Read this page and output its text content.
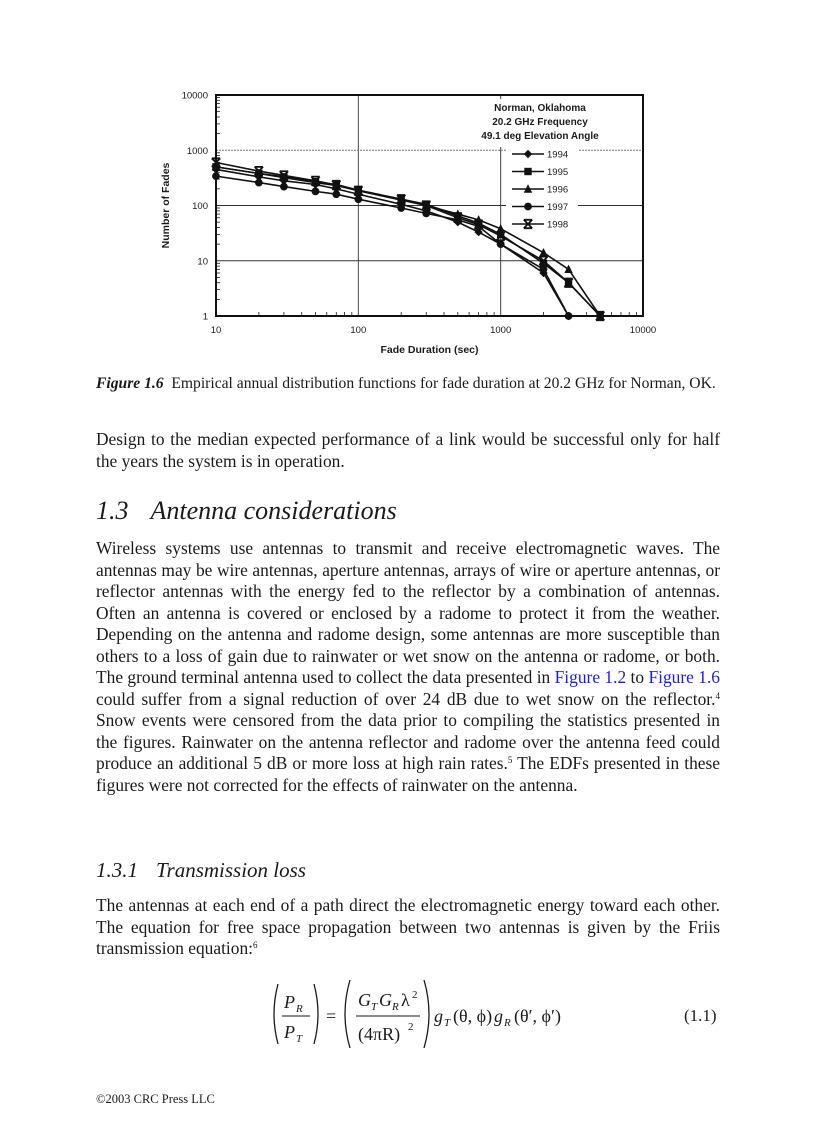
10	100	1000	10000
1
10
100
1000
10000
Fade Duration (sec)
Number of Fades
Norman, Oklahoma
20.2 GHz Frequency
49.1 deg Elevation Angle
1994
1995
1996
1997
1998
Figure 1.6 Empirical annual distribution functions for fade duration at 20.2 GHz for Norman, OK.
Design to the median expected performance of a link would be successful only for half the years the system is in operation.
1.3 Antenna considerations
Wireless systems use antennas to transmit and receive electromagnetic waves. The antennas may be wire antennas, aperture antennas, arrays of wire or aperture antennas, or reflector antennas with the energy fed to the reflector by a combination of antennas. Often an antenna is covered or enclosed by a radome to protect it from the weather. Depending on the antenna and radome design, some antennas are more susceptible than others to a loss of gain due to rainwater or wet snow on the antenna or radome, or both. The ground terminal antenna used to collect the data presented in Figure 1.2 to Figure 1.6 could suffer from a signal reduction of over 24 dB due to wet snow on the reflector.$^4$ Snow events were censored from the data prior to compiling the statistics presented in the figures. Rainwater on the antenna reflector and radome over the antenna feed could produce an additional 5 dB or more loss at high rain rates.$^5$ The EDFs presented in these figures were not corrected for the effects of rainwater on the antenna.
1.3.1 Transmission loss
The antennas at each end of a path direct the electromagnetic energy toward each other. The equation for free space propagation between two antennas is given by the Friis transmission equation:$^6$
P R
P T
=
G T G R λ 2
(4πR) 2
g T (θ, ϕ) g R (θ′, ϕ′)	(1.1)
©2003 CRC Press LLC
